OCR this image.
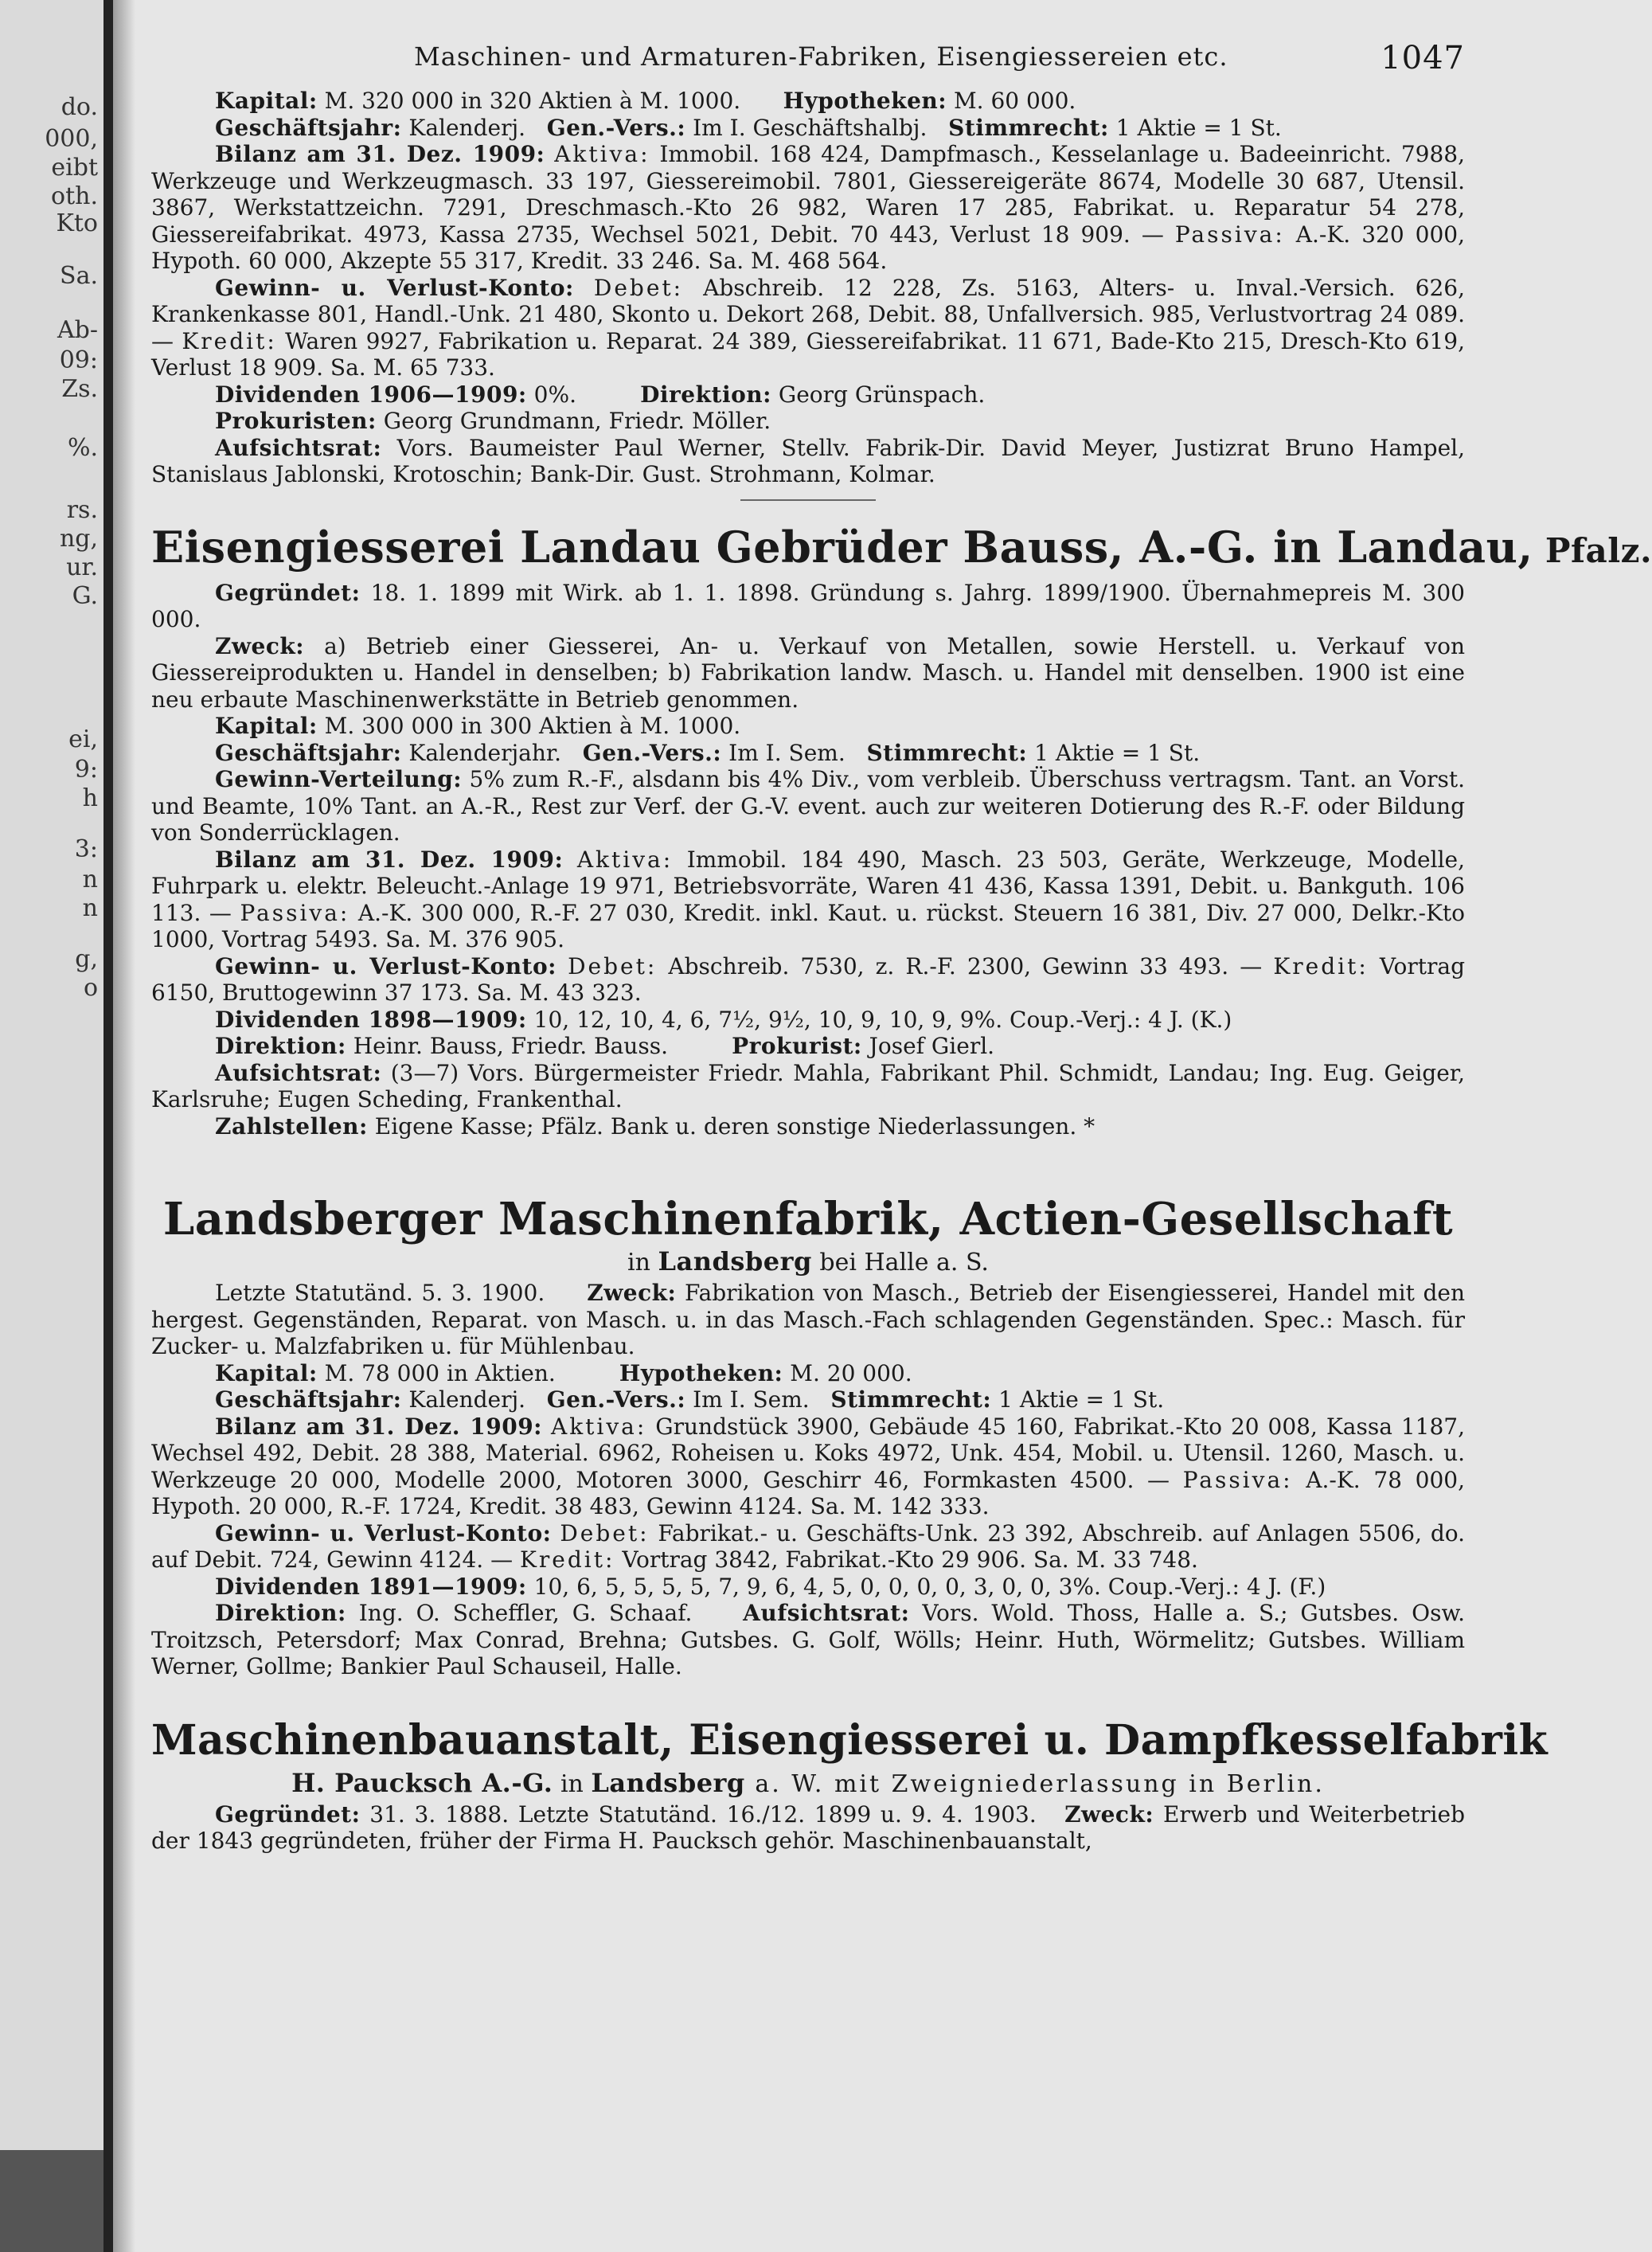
do.
000,
eibt
oth.
Kto
Sa.
Ab-
09:
Zs.
%.
rs.
ng,
ur.
G.
ei,
9:
h
3:
n
n
g,
o
Maschinen- und Armaturen-Fabriken, Eisengiessereien etc.	1047

Kapital: M. 320 000 in 320 Aktien à M. 1000. Hypotheken: M. 60 000.

Geschäftsjahr: Kalenderj. Gen.-Vers.: Im I. Geschäftshalbj. Stimmrecht: 1 Aktie = 1 St.

Bilanz am 31. Dez. 1909: Aktiva: Immobil. 168 424, Dampfmasch., Kesselanlage u. Badeeinricht. 7988, Werkzeuge und Werkzeugmasch. 33 197, Giessereimobil. 7801, Giessereigeräte 8674, Modelle 30 687, Utensil. 3867, Werkstattzeichn. 7291, Dreschmasch.-Kto 26 982, Waren 17 285, Fabrikat. u. Reparatur 54 278, Giessereifabrikat. 4973, Kassa 2735, Wechsel 5021, Debit. 70 443, Verlust 18 909. — Passiva: A.-K. 320 000, Hypoth. 60 000, Akzepte 55 317, Kredit. 33 246. Sa. M. 468 564.

Gewinn- u. Verlust-Konto: Debet: Abschreib. 12 228, Zs. 5163, Alters- u. Inval.-Versich. 626, Krankenkasse 801, Handl.-Unk. 21 480, Skonto u. Dekort 268, Debit. 88, Unfallversich. 985, Verlustvortrag 24 089. — Kredit: Waren 9927, Fabrikation u. Reparat. 24 389, Giessereifabrikat. 11 671, Bade-Kto 215, Dresch-Kto 619, Verlust 18 909. Sa. M. 65 733.

Dividenden 1906—1909: 0%.	Direktion: Georg Grünspach.

Prokuristen: Georg Grundmann, Friedr. Möller.

Aufsichtsrat: Vors. Baumeister Paul Werner, Stellv. Fabrik-Dir. David Meyer, Justizrat Bruno Hampel, Stanislaus Jablonski, Krotoschin; Bank-Dir. Gust. Strohmann, Kolmar.

Eisengiesserei Landau Gebrüder Bauss, A.-G. in Landau, Pfalz.

Gegründet: 18. 1. 1899 mit Wirk. ab 1. 1. 1898. Gründung s. Jahrg. 1899/1900. Übernahmepreis M. 300 000.

Zweck: a) Betrieb einer Giesserei, An- u. Verkauf von Metallen, sowie Herstell. u. Verkauf von Giessereiprodukten u. Handel in denselben; b) Fabrikation landw. Masch. u. Handel mit denselben. 1900 ist eine neu erbaute Maschinenwerkstätte in Betrieb genommen.

Kapital: M. 300 000 in 300 Aktien à M. 1000.

Geschäftsjahr: Kalenderjahr. Gen.-Vers.: Im I. Sem. Stimmrecht: 1 Aktie = 1 St.

Gewinn-Verteilung: 5% zum R.-F., alsdann bis 4% Div., vom verbleib. Überschuss vertragsm. Tant. an Vorst. und Beamte, 10% Tant. an A.-R., Rest zur Verf. der G.-V. event. auch zur weiteren Dotierung des R.-F. oder Bildung von Sonderrücklagen.

Bilanz am 31. Dez. 1909: Aktiva: Immobil. 184 490, Masch. 23 503, Geräte, Werkzeuge, Modelle, Fuhrpark u. elektr. Beleucht.-Anlage 19 971, Betriebsvorräte, Waren 41 436, Kassa 1391, Debit. u. Bankguth. 106 113. — Passiva: A.-K. 300 000, R.-F. 27 030, Kredit. inkl. Kaut. u. rückst. Steuern 16 381, Div. 27 000, Delkr.-Kto 1000, Vortrag 5493. Sa. M. 376 905.

Gewinn- u. Verlust-Konto: Debet: Abschreib. 7530, z. R.-F. 2300, Gewinn 33 493. — Kredit: Vortrag 6150, Bruttogewinn 37 173. Sa. M. 43 323.

Dividenden 1898—1909: 10, 12, 10, 4, 6, 7½, 9½, 10, 9, 10, 9, 9%. Coup.-Verj.: 4 J. (K.)

Direktion: Heinr. Bauss, Friedr. Bauss.	Prokurist: Josef Gierl.

Aufsichtsrat: (3—7) Vors. Bürgermeister Friedr. Mahla, Fabrikant Phil. Schmidt, Landau; Ing. Eug. Geiger, Karlsruhe; Eugen Scheding, Frankenthal.

Zahlstellen: Eigene Kasse; Pfälz. Bank u. deren sonstige Niederlassungen. *

Landsberger Maschinenfabrik, Actien-Gesellschaft
in Landsberg bei Halle a. S.

Letzte Statutänd. 5. 3. 1900. Zweck: Fabrikation von Masch., Betrieb der Eisengiesserei, Handel mit den hergest. Gegenständen, Reparat. von Masch. u. in das Masch.-Fach schlagenden Gegenständen. Spec.: Masch. für Zucker- u. Malzfabriken u. für Mühlenbau.

Kapital: M. 78 000 in Aktien.	Hypotheken: M. 20 000.

Geschäftsjahr: Kalenderj. Gen.-Vers.: Im I. Sem. Stimmrecht: 1 Aktie = 1 St.

Bilanz am 31. Dez. 1909: Aktiva: Grundstück 3900, Gebäude 45 160, Fabrikat.-Kto 20 008, Kassa 1187, Wechsel 492, Debit. 28 388, Material. 6962, Roheisen u. Koks 4972, Unk. 454, Mobil. u. Utensil. 1260, Masch. u. Werkzeuge 20 000, Modelle 2000, Motoren 3000, Geschirr 46, Formkasten 4500. — Passiva: A.-K. 78 000, Hypoth. 20 000, R.-F. 1724, Kredit. 38 483, Gewinn 4124. Sa. M. 142 333.

Gewinn- u. Verlust-Konto: Debet: Fabrikat.- u. Geschäfts-Unk. 23 392, Abschreib. auf Anlagen 5506, do. auf Debit. 724, Gewinn 4124. — Kredit: Vortrag 3842, Fabrikat.-Kto 29 906. Sa. M. 33 748.

Dividenden 1891—1909: 10, 6, 5, 5, 5, 5, 7, 9, 6, 4, 5, 0, 0, 0, 0, 3, 0, 0, 3%. Coup.-Verj.: 4 J. (F.)

Direktion: Ing. O. Scheffler, G. Schaaf. Aufsichtsrat: Vors. Wold. Thoss, Halle a. S.; Gutsbes. Osw. Troitzsch, Petersdorf; Max Conrad, Brehna; Gutsbes. G. Golf, Wölls; Heinr. Huth, Wörmelitz; Gutsbes. William Werner, Gollme; Bankier Paul Schauseil, Halle.

Maschinenbauanstalt, Eisengiesserei u. Dampfkesselfabrik
H. Paucksch A.-G. in Landsberg a. W. mit Zweigniederlassung in Berlin.

Gegründet: 31. 3. 1888. Letzte Statutänd. 16./12. 1899 u. 9. 4. 1903. Zweck: Erwerb und Weiterbetrieb der 1843 gegründeten, früher der Firma H. Paucksch gehör. Maschinenbauanstalt,
